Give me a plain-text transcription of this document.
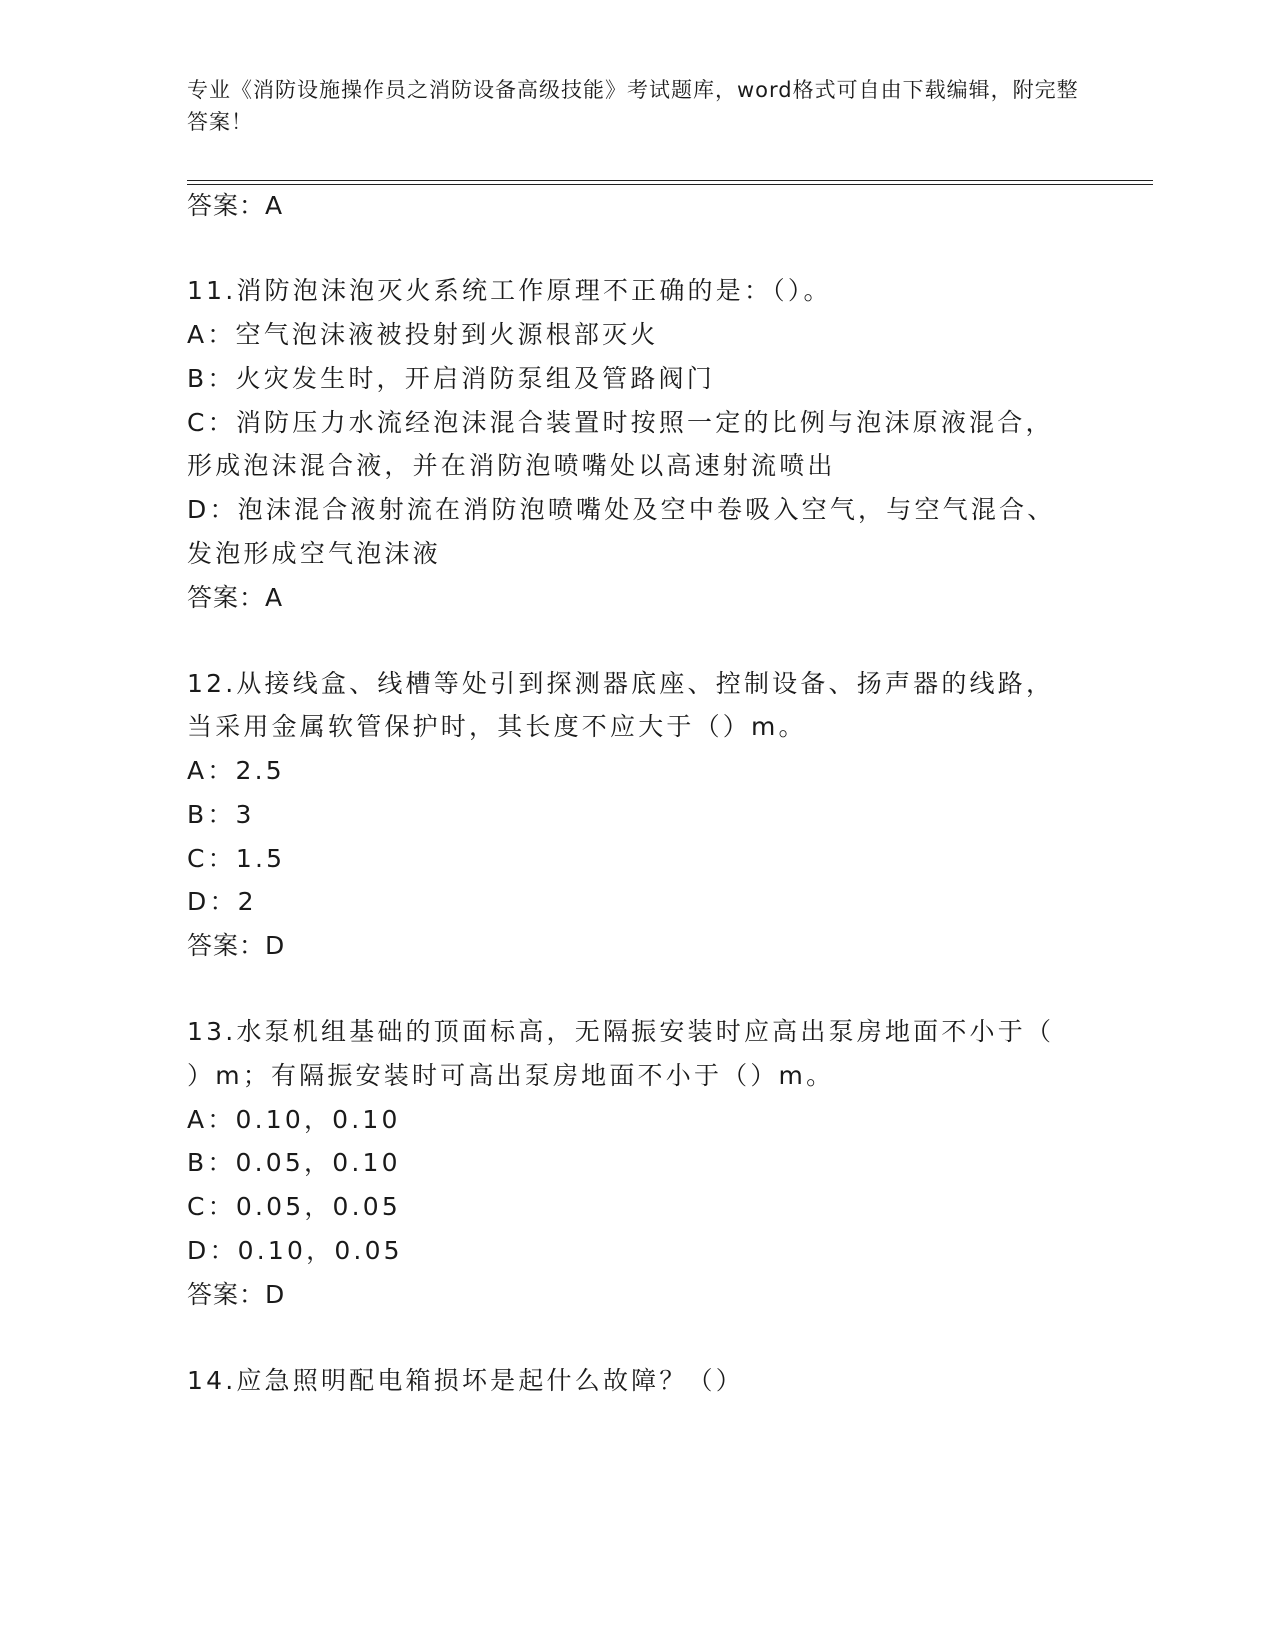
专业《消防设施操作员之消防设备高级技能》考试题库，word格式可自由下载编辑，附完整答案！
答案：A
11.消防泡沫泡灭火系统工作原理不正确的是：（）。
A：空气泡沫液被投射到火源根部灭火
B：火灾发生时，开启消防泵组及管路阀门
C：消防压力水流经泡沫混合装置时按照一定的比例与泡沫原液混合，
形成泡沫混合液，并在消防泡喷嘴处以高速射流喷出
D：泡沫混合液射流在消防泡喷嘴处及空中卷吸入空气，与空气混合、
发泡形成空气泡沫液
答案：A
12.从接线盒、线槽等处引到探测器底座、控制设备、扬声器的线路，
当采用金属软管保护时，其长度不应大于（）m。
A：2.5
B：3
C：1.5
D：2
答案：D
13.水泵机组基础的顶面标高，无隔振安装时应高出泵房地面不小于（
）m；有隔振安装时可高出泵房地面不小于（）m。
A：0.10，0.10
B：0.05，0.10
C：0.05，0.05
D：0.10，0.05
答案：D
14.应急照明配电箱损坏是起什么故障？（）
